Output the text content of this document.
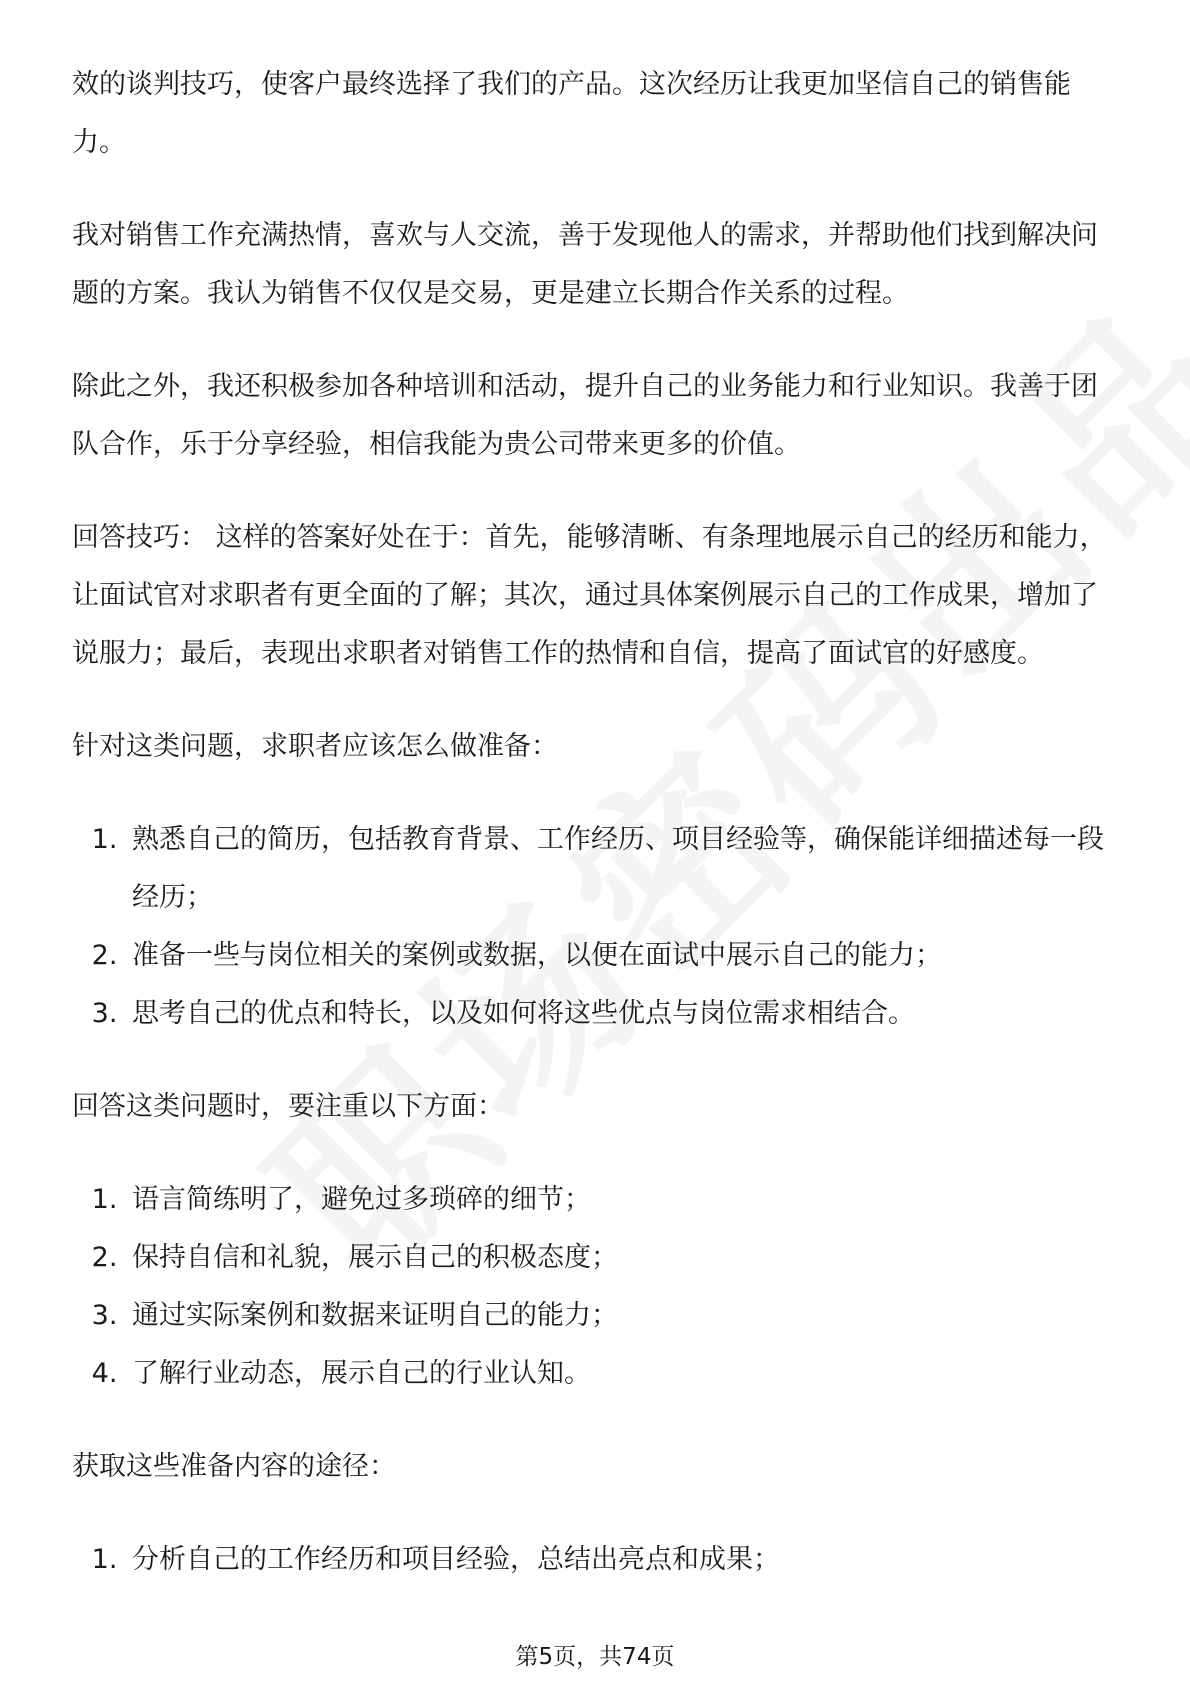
效的谈判技巧，使客户最终选择了我们的产品。这次经历让我更加坚信自己的销售能力。

我对销售工作充满热情，喜欢与人交流，善于发现他人的需求，并帮助他们找到解决问题的方案。我认为销售不仅仅是交易，更是建立长期合作关系的过程。

除此之外，我还积极参加各种培训和活动，提升自己的业务能力和行业知识。我善于团队合作，乐于分享经验，相信我能为贵公司带来更多的价值。

回答技巧： 这样的答案好处在于：首先，能够清晰、有条理地展示自己的经历和能力，让面试官对求职者有更全面的了解；其次，通过具体案例展示自己的工作成果，增加了说服力；最后，表现出求职者对销售工作的热情和自信，提高了面试官的好感度。

针对这类问题，求职者应该怎么做准备：

1. 熟悉自己的简历，包括教育背景、工作经历、项目经验等，确保能详细描述每一段经历；
2. 准备一些与岗位相关的案例或数据，以便在面试中展示自己的能力；
3. 思考自己的优点和特长，以及如何将这些优点与岗位需求相结合。

回答这类问题时，要注重以下方面：

1. 语言简练明了，避免过多琐碎的细节；
2. 保持自信和礼貌，展示自己的积极态度；
3. 通过实际案例和数据来证明自己的能力；
4. 了解行业动态，展示自己的行业认知。

获取这些准备内容的途径：

1. 分析自己的工作经历和项目经验，总结出亮点和成果；
第5页，共74页
